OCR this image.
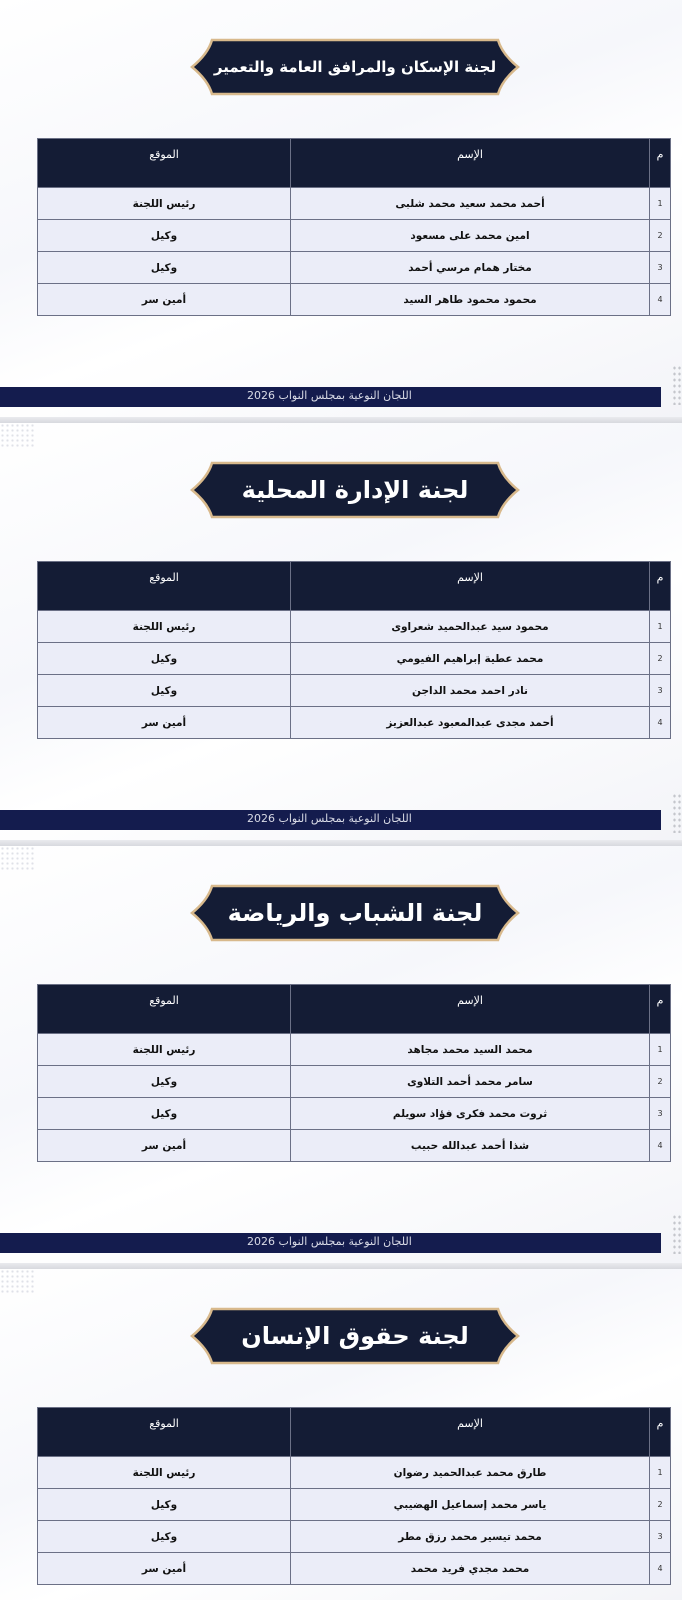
لجنة الإسكان والمرافق العامة والتعمير
م	الإسم	الموقع
1	أحمد محمد سعيد محمد شلبى	رئيس اللجنة
2	امين محمد على مسعود	وكيل
3	مختار همام مرسي أحمد	وكيل
4	محمود محمود طاهر السيد	أمين سر
اللجان النوعية بمجلس النواب 2026
لجنة الإدارة المحلية
م	الإسم	الموقع
1	محمود سيد عبدالحميد شعراوى	رئيس اللجنة
2	محمد عطية إبراهيم الفيومي	وكيل
3	نادر احمد محمد الداجن	وكيل
4	أحمد مجدى عبدالمعبود عبدالعزيز	أمين سر
اللجان النوعية بمجلس النواب 2026
لجنة الشباب والرياضة
م	الإسم	الموقع
1	محمد السيد محمد مجاهد	رئيس اللجنة
2	سامر محمد أحمد التلاوى	وكيل
3	ثروت محمد فكرى فؤاد سويلم	وكيل
4	شذا أحمد عبدالله حبيب	أمين سر
اللجان النوعية بمجلس النواب 2026
لجنة حقوق الإنسان
م	الإسم	الموقع
1	طارق محمد عبدالحميد رضوان	رئيس اللجنة
2	ياسر محمد إسماعيل الهضيبي	وكيل
3	محمد تيسير محمد رزق مطر	وكيل
4	محمد مجدي فريد محمد	أمين سر
